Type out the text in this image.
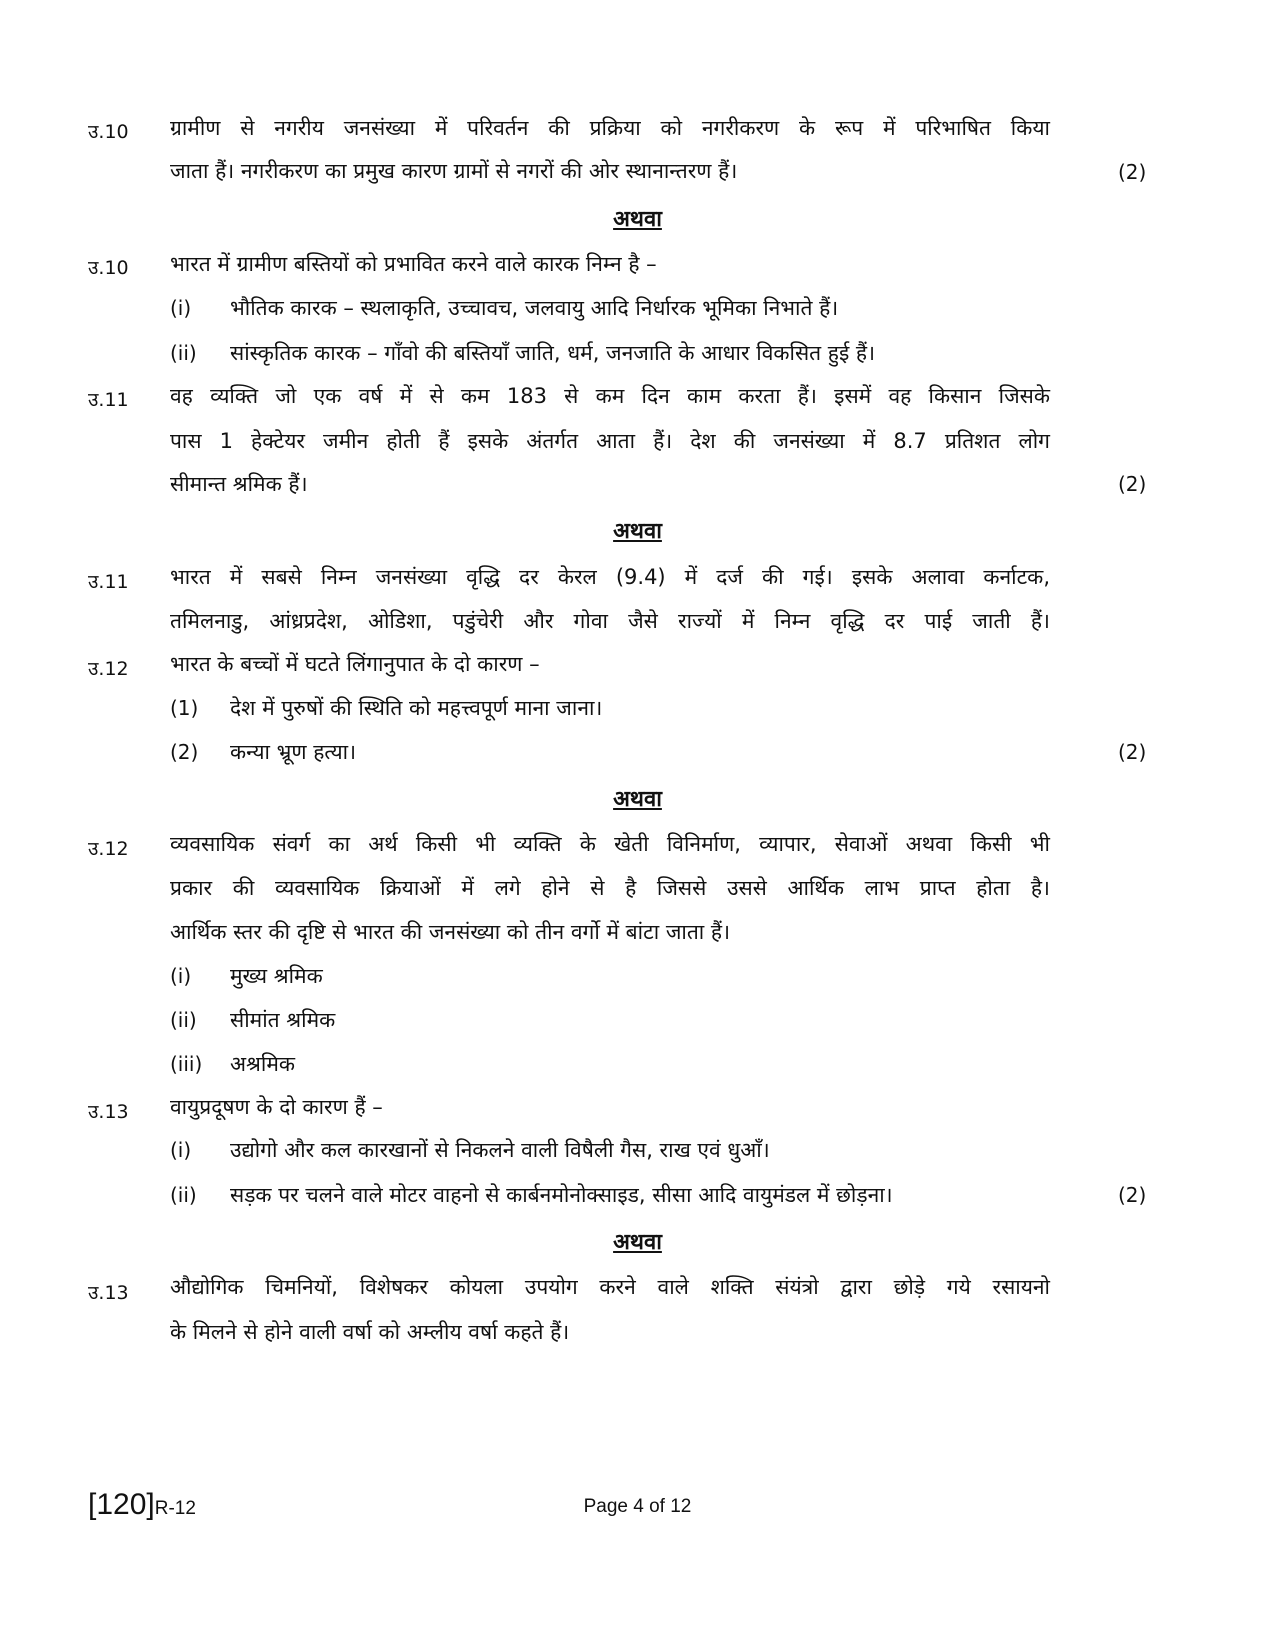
उ.10 ग्रामीण से नगरीय जनसंख्या में परिवर्तन की प्रक्रिया को नगरीकरण के रूप में परिभाषित किया
जाता हैं। नगरीकरण का प्रमुख कारण ग्रामों से नगरों की ओर स्थानान्तरण हैं।	(2)
अथवा
उ.10 भारत में ग्रामीण बस्तियों को प्रभावित करने वाले कारक निम्न है –
(i) भौतिक कारक – स्थलाकृति, उच्चावच, जलवायु आदि निर्धारक भूमिका निभाते हैं।
(ii) सांस्कृतिक कारक – गाँवो की बस्तियाँ जाति, धर्म, जनजाति के आधार विकसित हुई हैं।
उ.11 वह व्यक्ति जो एक वर्ष में से कम 183 से कम दिन काम करता हैं। इसमें वह किसान जिसके
पास 1 हेक्टेयर जमीन होती हैं इसके अंतर्गत आता हैं। देश की जनसंख्या में 8.7 प्रतिशत लोग
सीमान्त श्रमिक हैं।	(2)
अथवा
उ.11 भारत में सबसे निम्न जनसंख्या वृद्धि दर केरल (9.4) में दर्ज की गई। इसके अलावा कर्नाटक,
तमिलनाडु, आंध्रप्रदेश, ओडिशा, पडुंचेरी और गोवा जैसे राज्यों में निम्न वृद्धि दर पाई जाती हैं।
उ.12 भारत के बच्चों में घटते लिंगानुपात के दो कारण –
(1) देश में पुरुषों की स्थिति को महत्त्वपूर्ण माना जाना।
(2) कन्या भ्रूण हत्या।	(2)
अथवा
उ.12 व्यवसायिक संवर्ग का अर्थ किसी भी व्यक्ति के खेती विनिर्माण, व्यापार, सेवाओं अथवा किसी भी
प्रकार की व्यवसायिक क्रियाओं में लगे होने से है जिससे उससे आर्थिक लाभ प्राप्त होता है।
आर्थिक स्तर की दृष्टि से भारत की जनसंख्या को तीन वर्गो में बांटा जाता हैं।
(i) मुख्य श्रमिक
(ii) सीमांत श्रमिक
(iii) अश्रमिक
उ.13 वायुप्रदूषण के दो कारण हैं –
(i) उद्योगो और कल कारखानों से निकलने वाली विषैली गैस, राख एवं धुआँ।
(ii) सड़क पर चलने वाले मोटर वाहनो से कार्बनमोनोक्साइड, सीसा आदि वायुमंडल में छोड़ना।	(2)
अथवा
उ.13 औद्योगिक चिमनियों, विशेषकर कोयला उपयोग करने वाले शक्ति संयंत्रो द्वारा छोड़े गये रसायनो
के मिलने से होने वाली वर्षा को अम्लीय वर्षा कहते हैं।
[120]R-12	Page 4 of 12
